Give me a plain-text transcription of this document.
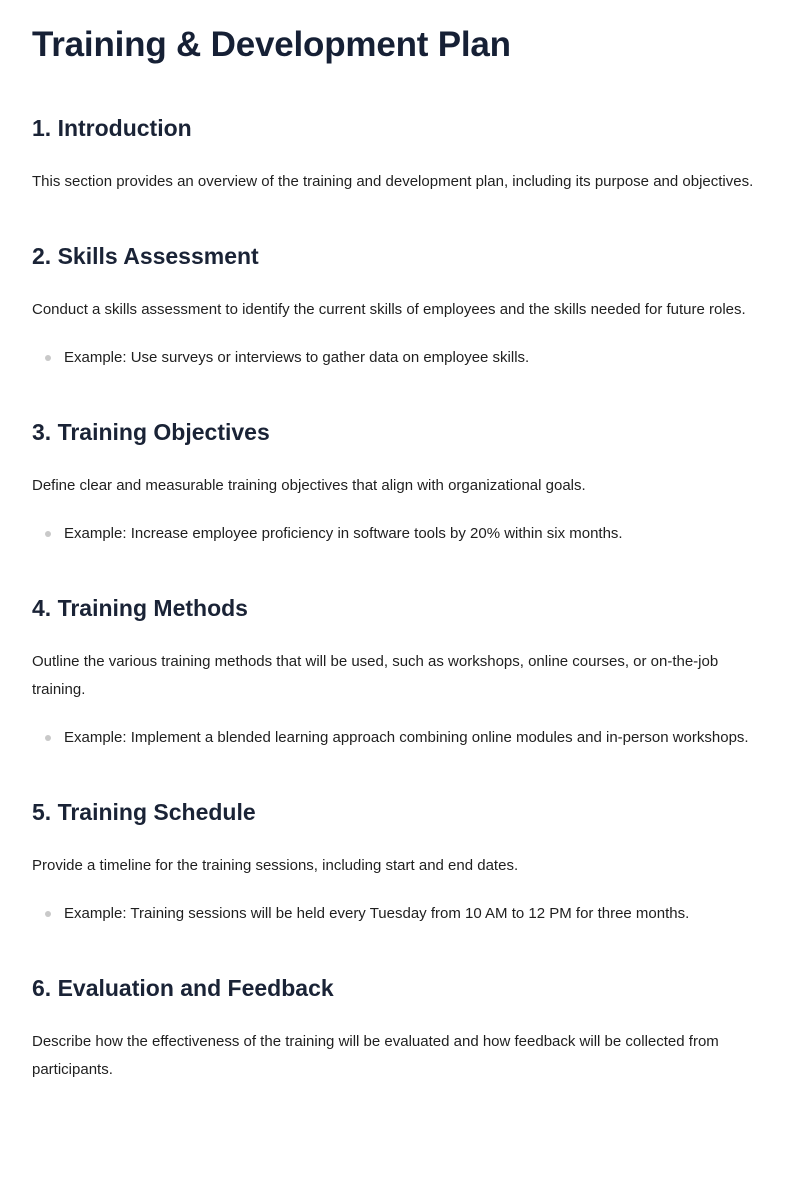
Training & Development Plan
1. Introduction

This section provides an overview of the training and development plan, including its purpose and objectives.

2. Skills Assessment

Conduct a skills assessment to identify the current skills of employees and the skills needed for future roles.

Example: Use surveys or interviews to gather data on employee skills.
3. Training Objectives

Define clear and measurable training objectives that align with organizational goals.

Example: Increase employee proficiency in software tools by 20% within six months.
4. Training Methods

Outline the various training methods that will be used, such as workshops, online courses, or on-the-job training.

Example: Implement a blended learning approach combining online modules and in-person workshops.
5. Training Schedule

Provide a timeline for the training sessions, including start and end dates.

Example: Training sessions will be held every Tuesday from 10 AM to 12 PM for three months.
6. Evaluation and Feedback

Describe how the effectiveness of the training will be evaluated and how feedback will be collected from participants.
